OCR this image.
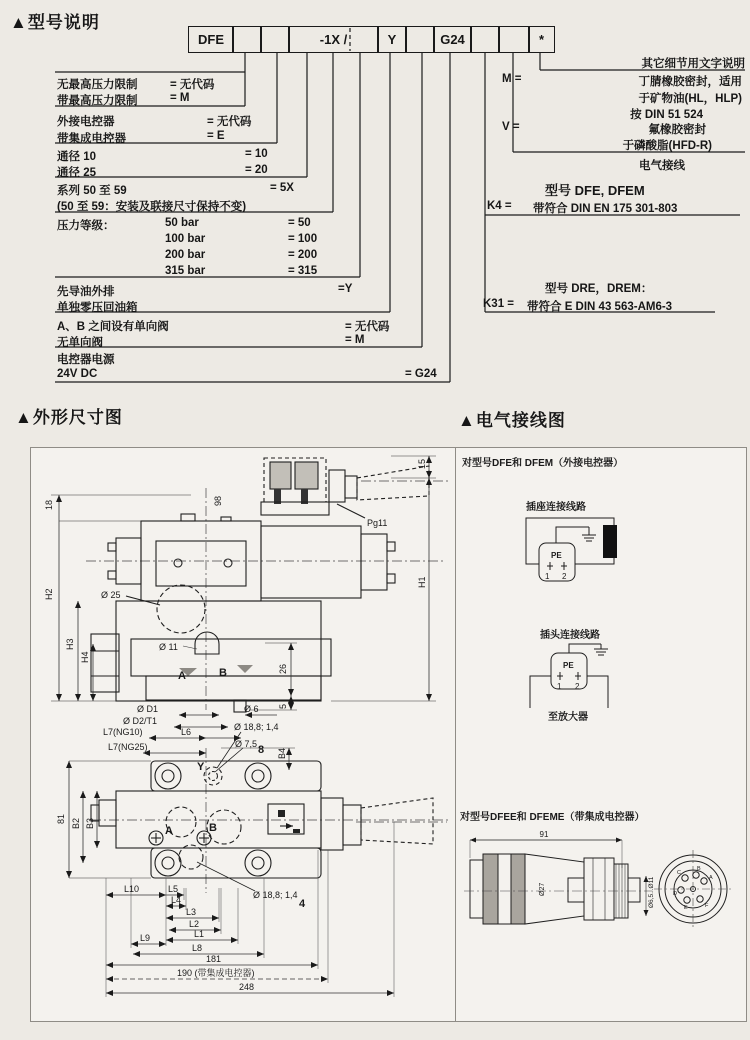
▲型号说明
DFE	-1X /	Y	G24	*
无最高压力限制	= 无代码
带最高压力限制	= M
外接电控器	= 无代码
带集成电控器	= E
通径 10	= 10
通径 25	= 20
系列 50 至 59	= 5X
(50 至 59：安装及联接尺寸保持不变)
压力等级：	50 bar	= 50
100 bar	= 100
200 bar	= 200
315 bar	= 315
先导油外排	=Y
单独零压回油箱
A、B 之间设有单向阀	= 无代码
无单向阀	= M
电控器电源
24V DC	= G24
其它细节用文字说明
M =	丁腈橡胶密封，适用
于矿物油(HL，HLP)
按 DIN 51 524
V =	氟橡胶密封
于磷酸脂(HFD-R)
电气接线
型号 DFE, DFEM
K4 = 带符合 DIN EN 175 301-803
型号 DRE，DREM：
K31 = 带符合 E DIN 43 563-AM6-3
▲外形尺寸图	▲电气接线图
18	98
15
Pg11
H2
H1
Ø 25
H3
H4
Ø 11
26
A	B
5
Ø D1	Ø 6
Ø D2/T1
L7(NG10)	L6	Ø 18,8; 1,4
L7(NG25)	Ø 7,5 8 B4
Y
81 B2 B3
A	B
Ø 18,8; 1,4
4
L10	L5
L4
L3
L2
L1
L9
L8
181
190 (带集成电控器)
248
对型号DFE和 DFEM（外接电控器）
插座连接线路
PE
1 2
插头连接线路
PE
1 2
至放大器
对型号DFEE和 DFEME（带集成电控器）
91
Ø27	Ø6,5...Ø11	A
B
C
D
E	F
